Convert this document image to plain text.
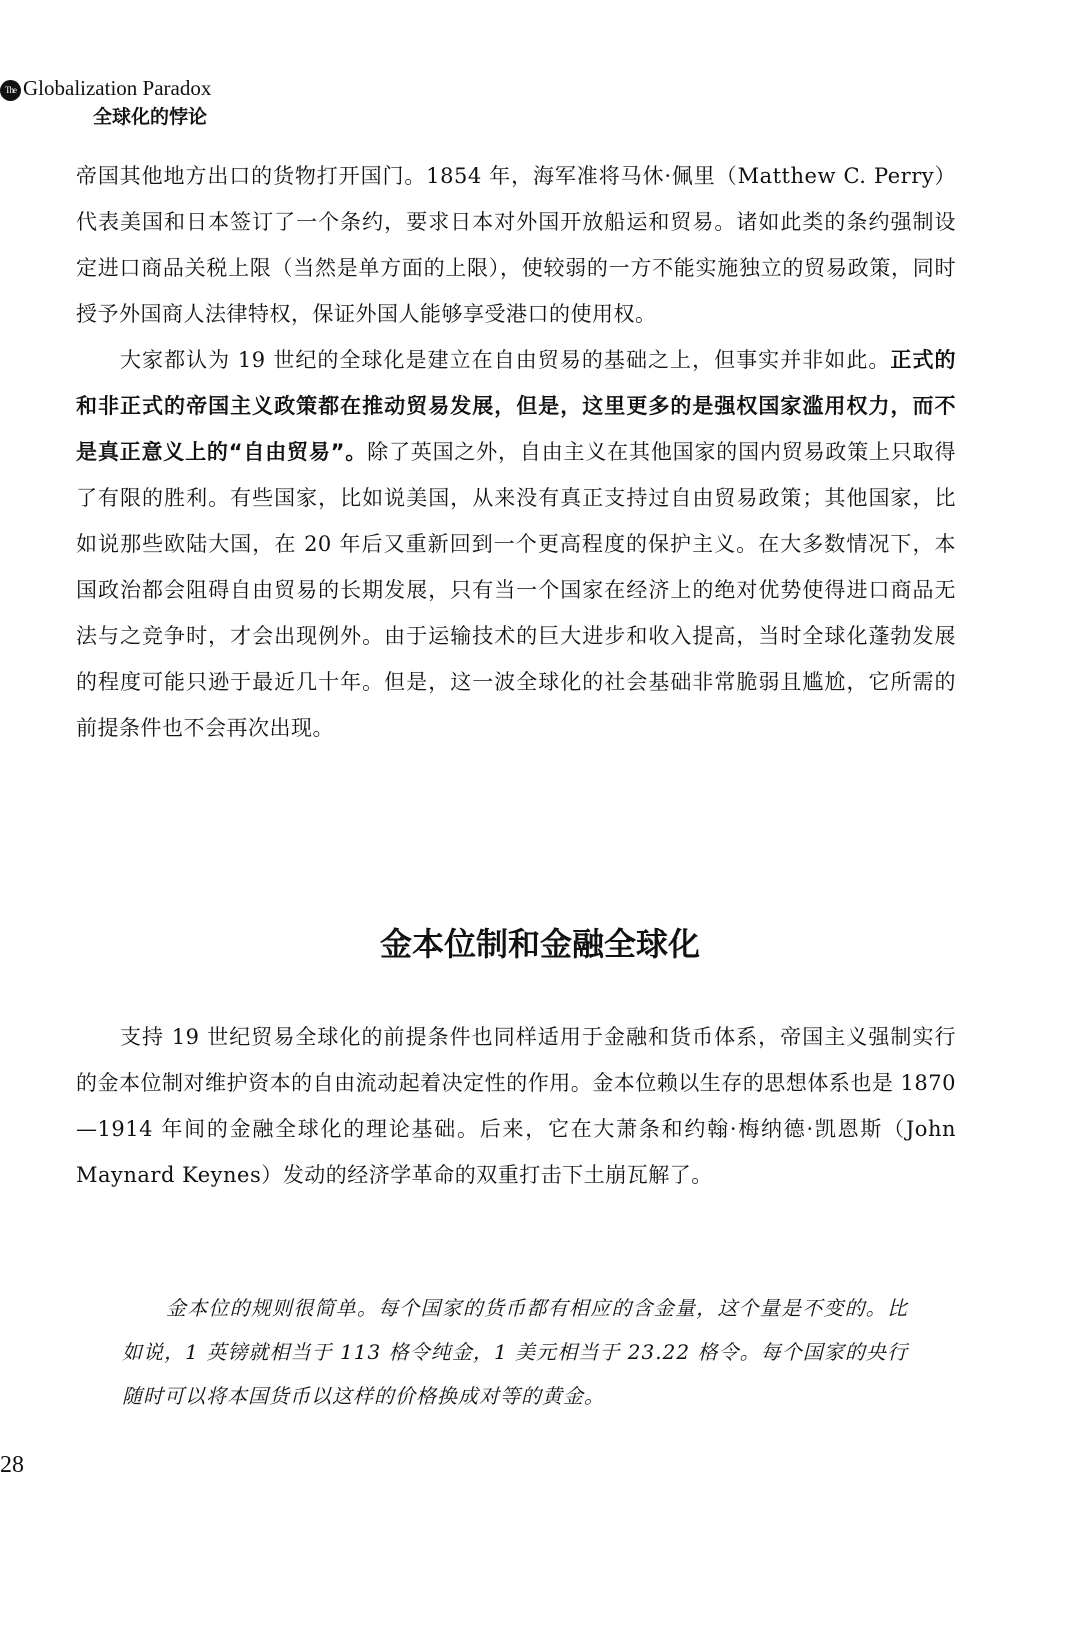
The Globalization Paradox
全球化的悖论

帝国其他地方出口的货物打开国门。1854 年，海军准将马休·佩里（Matthew C. Perry）代表美国和日本签订了一个条约，要求日本对外国开放船运和贸易。诸如此类的条约强制设定进口商品关税上限（当然是单方面的上限），使较弱的一方不能实施独立的贸易政策，同时授予外国商人法律特权，保证外国人能够享受港口的使用权。

大家都认为 19 世纪的全球化是建立在自由贸易的基础之上，但事实并非如此。正式的和非正式的帝国主义政策都在推动贸易发展，但是，这里更多的是强权国家滥用权力，而不是真正意义上的“自由贸易”。除了英国之外，自由主义在其他国家的国内贸易政策上只取得了有限的胜利。有些国家，比如说美国，从来没有真正支持过自由贸易政策；其他国家，比如说那些欧陆大国，在 20 年后又重新回到一个更高程度的保护主义。在大多数情况下，本国政治都会阻碍自由贸易的长期发展，只有当一个国家在经济上的绝对优势使得进口商品无法与之竞争时，才会出现例外。由于运输技术的巨大进步和收入提高，当时全球化蓬勃发展的程度可能只逊于最近几十年。但是，这一波全球化的社会基础非常脆弱且尴尬，它所需的前提条件也不会再次出现。

金本位制和金融全球化

支持 19 世纪贸易全球化的前提条件也同样适用于金融和货币体系，帝国主义强制实行的金本位制对维护资本的自由流动起着决定性的作用。金本位赖以生存的思想体系也是 1870—1914 年间的金融全球化的理论基础。后来，它在大萧条和约翰·梅纳德·凯恩斯（John Maynard Keynes）发动的经济学革命的双重打击下土崩瓦解了。

金本位的规则很简单。每个国家的货币都有相应的含金量，这个量是不变的。比如说，1 英镑就相当于 113 格令纯金，1 美元相当于 23.22 格令。每个国家的央行随时可以将本国货币以这样的价格换成对等的黄金。

28
